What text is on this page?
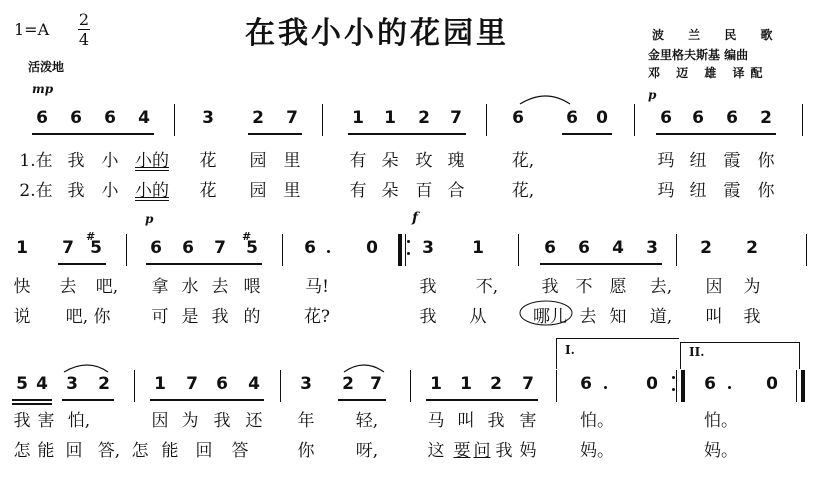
1=A
2
4	在我小小的花园里
活泼地
波 兰 民 歌
金里格夫斯基 编曲
邓 迈 雄 译配
mp	p
p	f
6 6 6 4	3 2 7	1 1 2 7	6 6 0	6 6 6 2
1.在 我 小 小的 花 园 里	有 朵 玫 瑰	花,	玛 纽 霞 你
2.在 我 小 小的 花 园 里	有 朵 百 合	花,	玛 纽 霞 你
1 7 5
#
6 6 7 5
#
6	0	3 1	6 6 4 3 2 2
快 去 吧, 拿 水 去 喂	马!	我 不,	我 不 愿 去, 因 为
说 吧, 你 可 是 我 的	花?	我 从	哪儿 去 知 道, 叫 我
I.	II.
5 4 3 2	1 7 6 4 3 2 7	1 1 2 7	6	0	6	0
我 害 怕,	因 为 我 还 年 轻,	马 叫 我 害	怕。	怕。
怎 能 回 答, 怎 能 回 答	你 呀,	这 要 问 我 妈	妈。	妈。
